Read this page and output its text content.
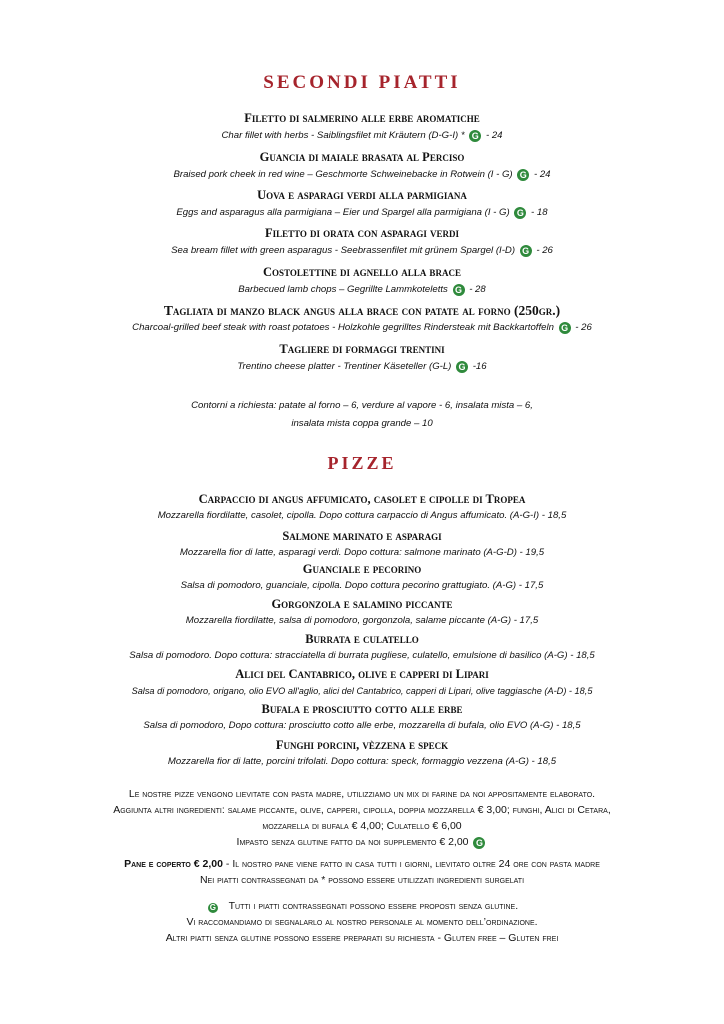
SECONDI PIATTI
Filetto di salmerino alle erbe aromatiche
Char fillet with herbs - Saiblingsfilet mit Kräutern (D-G-I) * G - 24
Guancia di maiale brasata al Perciso
Braised pork cheek in red wine – Geschmorte Schweinebacke in Rotwein (I - G) G - 24
Uova e asparagi verdi alla parmigiana
Eggs and asparagus alla parmigiana – Eier und Spargel alla parmigiana (I - G) G - 18
Filetto di orata con asparagi verdi
Sea bream fillet with green asparagus - Seebrassenfilet mit grünem Spargel (I-D) G - 26
Costolettine di agnello alla brace
Barbecued lamb chops – Gegrillte Lammkoteletts G - 28
Tagliata di manzo black angus alla brace con patate al forno (250gr.)
Charcoal-grilled beef steak with roast potatoes - Holzkohle gegrilltes Rindersteak mit Backkartoffeln G - 26
Tagliere di formaggi trentini
Trentino cheese platter - Trentiner Käseteller (G-L) G -16
Contorni a richiesta: patate al forno – 6, verdure al vapore - 6, insalata mista – 6,
insalata mista coppa grande – 10
PIZZE
Carpaccio di angus affumicato, casolet e cipolle di Tropea
Mozzarella fiordilatte, casolet, cipolla. Dopo cottura carpaccio di Angus affumicato. (A-G-I) - 18,5
Salmone marinato e asparagi
Mozzarella fior di latte, asparagi verdi. Dopo cottura: salmone marinato (A-G-D) - 19,5
Guanciale e pecorino
Salsa di pomodoro, guanciale, cipolla. Dopo cottura pecorino grattugiato. (A-G) - 17,5
Gorgonzola e salamino piccante
Mozzarella fiordilatte, salsa di pomodoro, gorgonzola, salame piccante (A-G) - 17,5
Burrata e culatello
Salsa di pomodoro. Dopo cottura: stracciatella di burrata pugliese, culatello, emulsione di basilico (A-G) - 18,5
Alici del Cantabrico, olive e capperi di Lipari
Salsa di pomodoro, origano, olio EVO all'aglio, alici del Cantabrico, capperi di Lipari, olive taggiasche (A-D) - 18,5
Bufala e prosciutto cotto alle erbe
Salsa di pomodoro, Dopo cottura: prosciutto cotto alle erbe, mozzarella di bufala, olio EVO (A-G) - 18,5
Funghi porcini, vèzzena e speck
Mozzarella fior di latte, porcini trifolati. Dopo cottura: speck, formaggio vezzena (A-G) - 18,5
Le nostre pizze vengono lievitate con pasta madre, utilizziamo un mix di farine da noi appositamente elaborato.
Aggiunta altri ingredienti: salame piccante, olive, capperi, cipolla, doppia mozzarella € 3,00; funghi, Alici di Cetara,
mozzarella di bufala € 4,00; Culatello € 6,00
Impasto senza glutine fatto da noi supplemento € 2,00 G
Pane e coperto € 2,00 - Il nostro pane viene fatto in casa tutti i giorni, lievitato oltre 24 ore con pasta madre
Nei piatti contrassegnati da * possono essere utilizzati ingredienti surgelati
G Tutti i piatti contrassegnati possono essere proposti senza glutine.
Vi raccomandiamo di segnalarlo al nostro personale al momento dell’ordinazione.
Altri piatti senza glutine possono essere preparati su richiesta - Gluten free – Gluten frei
